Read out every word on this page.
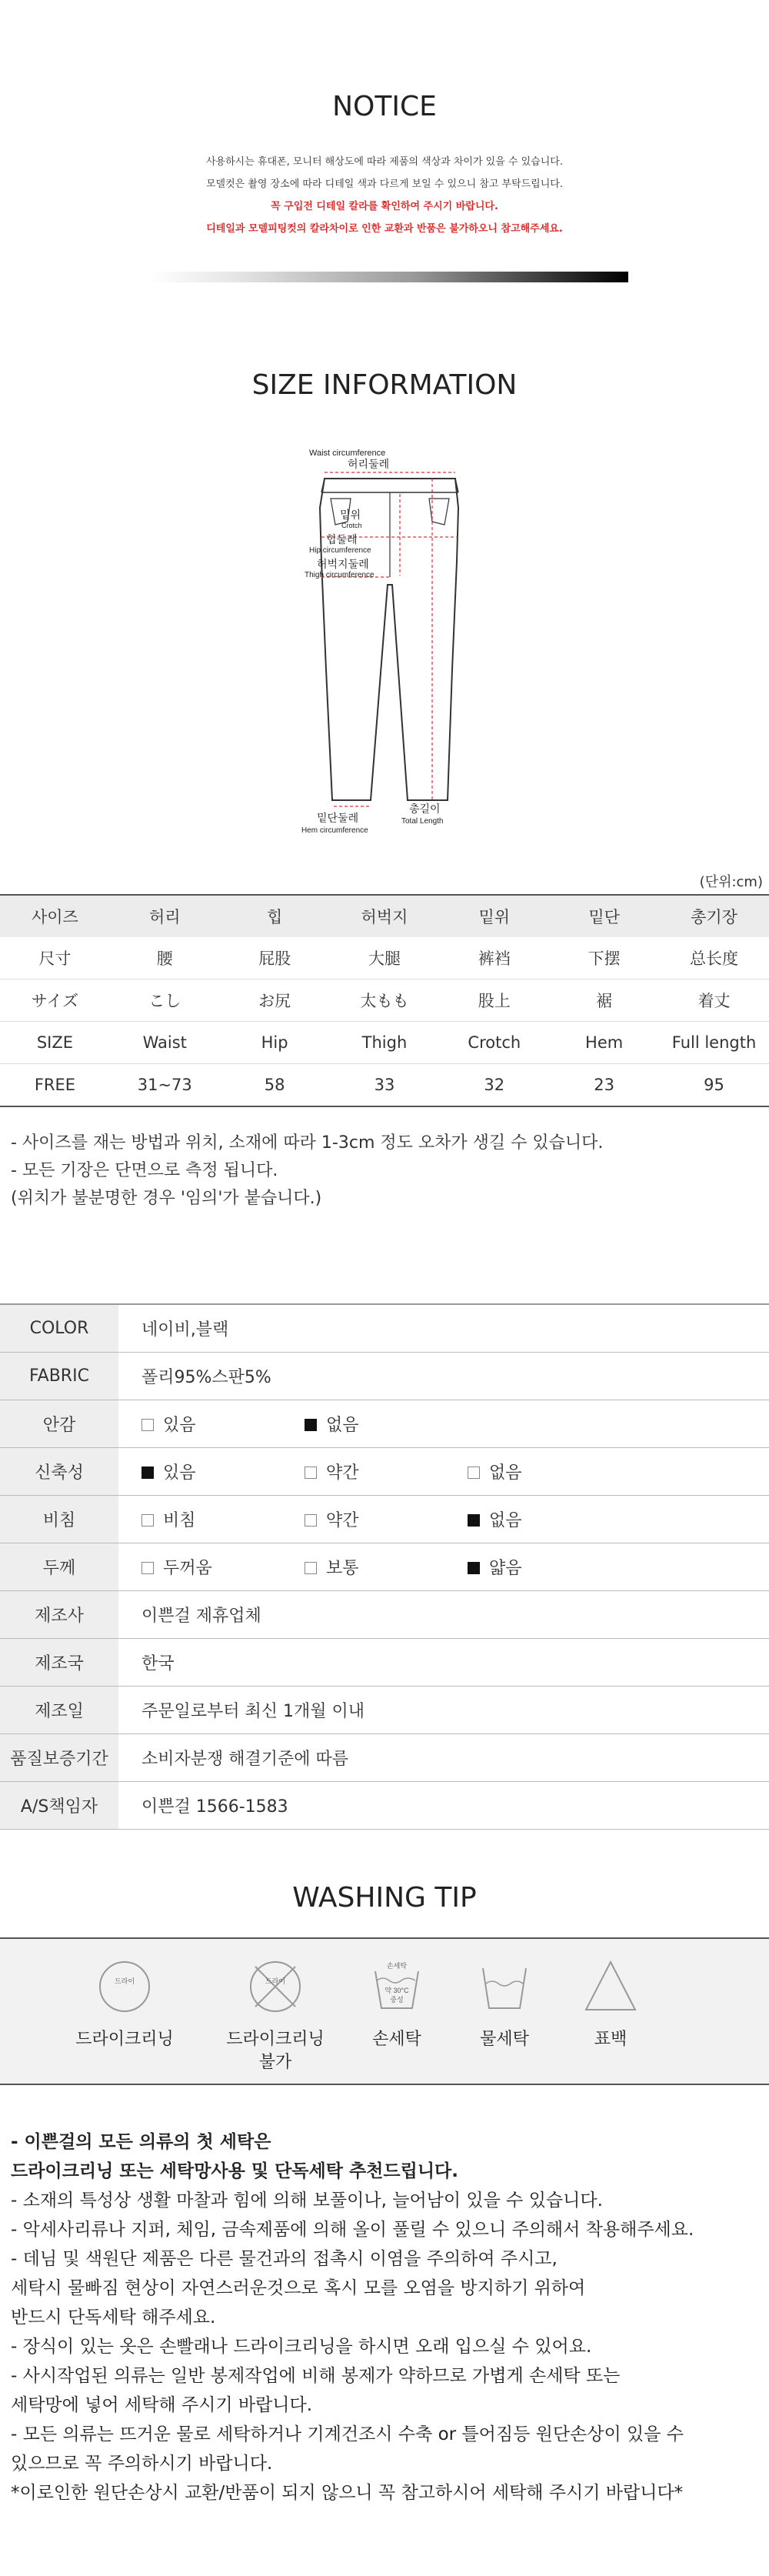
NOTICE
사용하시는 휴대폰, 모니터 해상도에 따라 제품의 색상과 차이가 있을 수 있습니다.
모델컷은 촬영 장소에 따라 디테일 색과 다르게 보일 수 있으니 참고 부탁드립니다.
꼭 구입전 디테일 칼라를 확인하여 주시기 바랍니다.
디테일과 모델피팅컷의 칼라차이로 인한 교환과 반품은 불가하오니 참고해주세요.
SIZE INFORMATION
Waist circumference
허리둘레
밑위
Crotch
힙둘레
Hip circumference
허벅지둘레
Thigh circumference
밑단둘레
Hem circumference
총길이
Total Length
(단위:cm)
사이즈	허리	힙	허벅지	밑위	밑단	총기장
尺寸	腰	屁股	大腿	裤裆	下摆	总长度
サイズ	こし	お尻	太もも	股上	裾	着丈
SIZE	Waist	Hip	Thigh	Crotch	Hem	Full length
FREE	31~73	58	33	32	23	95
- 사이즈를 재는 방법과 위치, 소재에 따라 1-3cm 정도 오차가 생길 수 있습니다.
- 모든 기장은 단면으로 측정 됩니다.
(위치가 불분명한 경우 '임의'가 붙습니다.)
COLOR	네이비,블랙
FABRIC	폴리95%스판5%
안감	있음 없음
신축성	있음 약간 없음
비침	비침 약간 없음
두께	두꺼움 보통 얇음
제조사	이쁜걸 제휴업체
제조국	한국
제조일	주문일로부터 최신 1개월 이내
품질보증기간	소비자분쟁 해결기준에 따름
A/S책임자	이쁜걸 1566-1583
WASHING TIP
드라이
드라이크리닝
드라이
드라이크리닝
불가
손세탁
약 30°C
중성
손세탁	물세탁	표백
- 이쁜걸의 모든 의류의 첫 세탁은
드라이크리닝 또는 세탁망사용 및 단독세탁 추천드립니다.
- 소재의 특성상 생활 마찰과 힘에 의해 보풀이나, 늘어남이 있을 수 있습니다.
- 악세사리류나 지퍼, 체임, 금속제품에 의해 올이 풀릴 수 있으니 주의해서 착용해주세요.
- 데님 및 색원단 제품은 다른 물건과의 접촉시 이염을 주의하여 주시고,
세탁시 물빠짐 현상이 자연스러운것으로 혹시 모를 오염을 방지하기 위하여
반드시 단독세탁 해주세요.
- 장식이 있는 옷은 손빨래나 드라이크리닝을 하시면 오래 입으실 수 있어요.
- 사시작업된 의류는 일반 봉제작업에 비해 봉제가 약하므로 가볍게 손세탁 또는
세탁망에 넣어 세탁해 주시기 바랍니다.
- 모든 의류는 뜨거운 물로 세탁하거나 기계건조시 수축 or 틀어짐등 원단손상이 있을 수
있으므로 꼭 주의하시기 바랍니다.
*이로인한 원단손상시 교환/반품이 되지 않으니 꼭 참고하시어 세탁해 주시기 바랍니다*
